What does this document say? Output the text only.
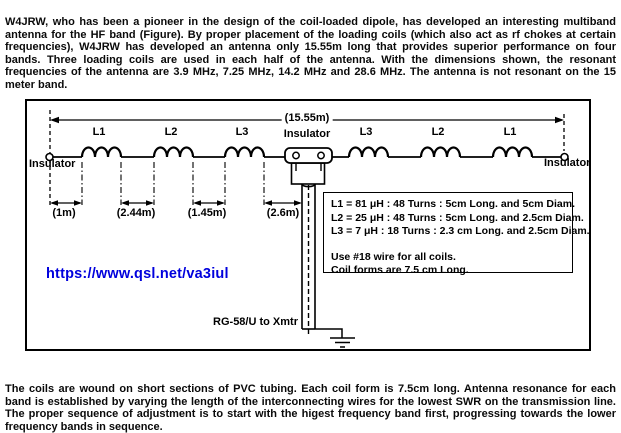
W4JRW, who has been a pioneer in the design of the coil-loaded dipole, has developed an interesting multiband antenna for the HF band (Figure). By proper placement of the loading coils (which also act as rf chokes at certain frequencies), W4JRW has developed an antenna only 15.55m long that provides superior performance on four bands. Three loading coils are used in each half of the antenna. With the dimensions shown, the resonant frequencies of the antenna are 3.9 MHz, 7.25 MHz, 14.2 MHz and 28.6 MHz. The antenna is not resonant on the 15 meter band.

(15.55m)
Insulator
Insulator
Insulator
L1	L2	L3	L3	L2	L1
(1m)	(2.44m)	(1.45m)	(2.6m)
L1 = 81 μH : 48 Turns : 5cm Long. and 5cm Diam.
L2 = 25 μH : 48 Turns : 5cm Long. and 2.5cm Diam.
L3 = 7 μH : 18 Turns : 2.3 cm Long. and 2.5cm Diam.
Use #18 wire for all coils.
Coil forms are 7.5 cm Long.
https://www.qsl.net/va3iul
RG-58/U to Xmtr

The coils are wound on short sections of PVC tubing. Each coil form is 7.5cm long. Antenna resonance for each band is established by varying the length of the interconnecting wires for the lowest SWR on the transmission line. The proper sequence of adjustment is to start with the higest frequency band first, progressing towards the lower frequency bands in sequence.
